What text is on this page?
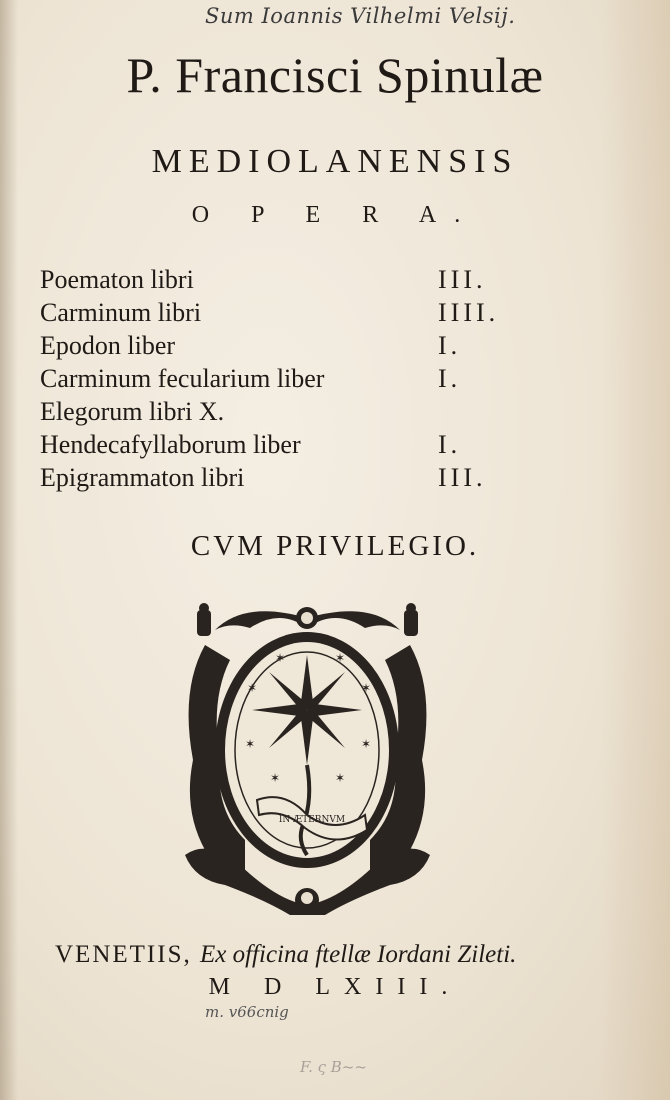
Sum Ioannis Vilhelmi Velsij.
P. Francisci Spinulæ
MEDIOLANENSIS
O P E R A.
Poematon libri	III.
Carminum libri	IIII.
Epodon liber	I.
Carminum fecularium liber	I.
Elegorum libri X.
Hendecafyllaborum liber	I.
Epigrammaton libri	III.
CVM PRIVILEGIO.
✶	✶
✶	✶
✶	✶
✶	✶
IN ÆTERNVM
VENETIIS, Ex officina ftellæ Iordani Zileti.
M D LXIII.
m. v66cnig
F. ς B~~
